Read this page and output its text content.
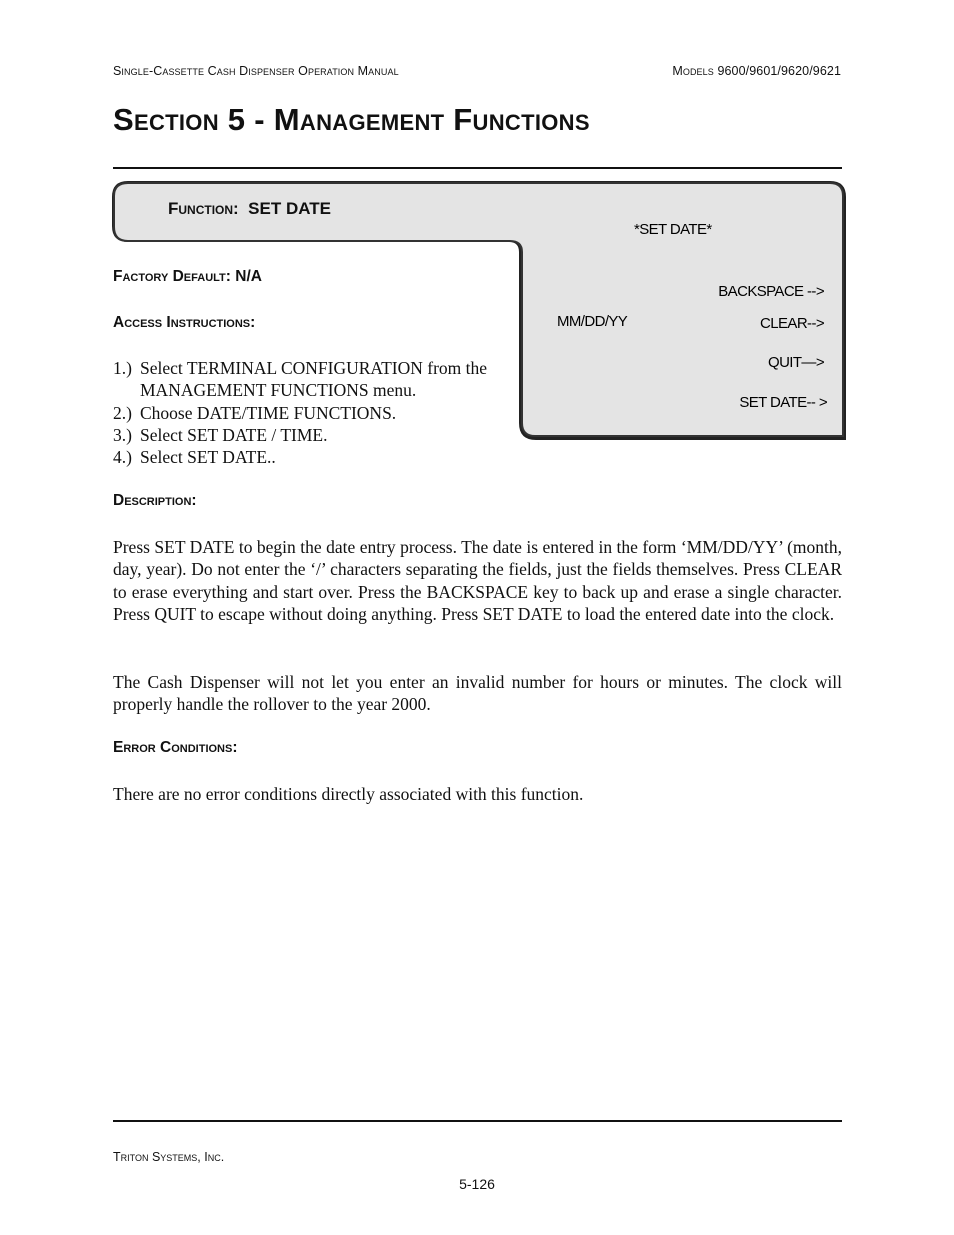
Single-Cassette Cash Dispenser Operation Manual	Models 9600/9601/9620/9621
Section 5 - Management Functions
Function: SET DATE
*SET DATE*
MM/DD/YY
BACKSPACE -->
CLEAR-->
QUIT—>
SET DATE-- >
Factory Default: N/A
Access Instructions:
1.) Select TERMINAL CONFIGURATION from the
MANAGEMENT FUNCTIONS menu.
2.) Choose DATE/TIME FUNCTIONS.
3.) Select SET DATE / TIME.
4.) Select SET DATE..
Description:
Press SET DATE to begin the date entry process. The date is entered in the form ‘MM/DD/YY’ (month, day, year). Do not enter the ‘/’ characters separating the fields, just the fields themselves. Press CLEAR to erase everything and start over. Press the BACKSPACE key to back up and erase a single character. Press QUIT to escape without doing anything. Press SET DATE to load the entered date into the clock.
The Cash Dispenser will not let you enter an invalid number for hours or minutes. The clock will properly handle the rollover to the year 2000.
Error Conditions:
There are no error conditions directly associated with this function.
Triton Systems, Inc.
5-126
